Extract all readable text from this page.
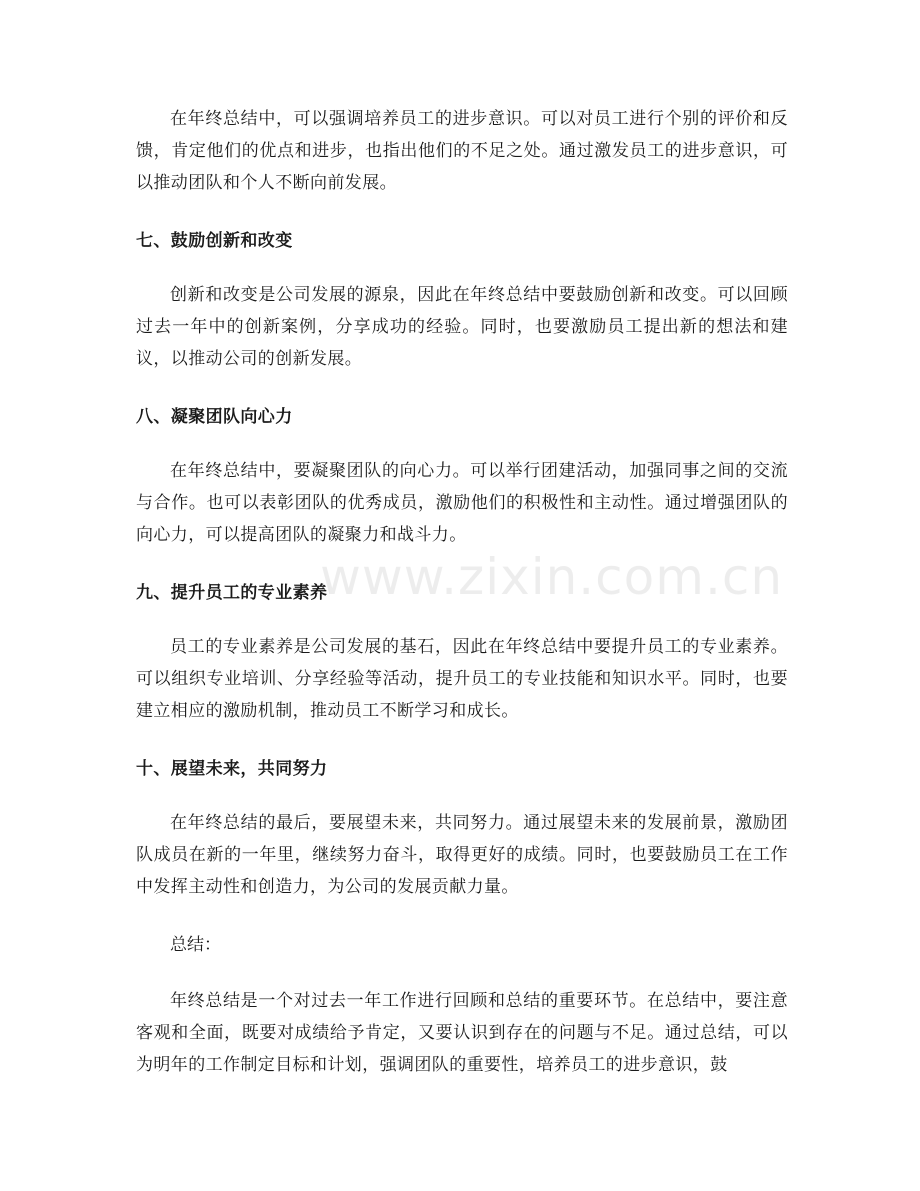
www.zixin.com.cn

在年终总结中，可以强调培养员工的进步意识。可以对员工进行个别的评价和反馈，肯定他们的优点和进步，也指出他们的不足之处。通过激发员工的进步意识，可以推动团队和个人不断向前发展。

七、鼓励创新和改变

创新和改变是公司发展的源泉，因此在年终总结中要鼓励创新和改变。可以回顾过去一年中的创新案例，分享成功的经验。同时，也要激励员工提出新的想法和建议，以推动公司的创新发展。

八、凝聚团队向心力

在年终总结中，要凝聚团队的向心力。可以举行团建活动，加强同事之间的交流与合作。也可以表彰团队的优秀成员，激励他们的积极性和主动性。通过增强团队的向心力，可以提高团队的凝聚力和战斗力。

九、提升员工的专业素养

员工的专业素养是公司发展的基石，因此在年终总结中要提升员工的专业素养。可以组织专业培训、分享经验等活动，提升员工的专业技能和知识水平。同时，也要建立相应的激励机制，推动员工不断学习和成长。

十、展望未来，共同努力

在年终总结的最后，要展望未来，共同努力。通过展望未来的发展前景，激励团队成员在新的一年里，继续努力奋斗，取得更好的成绩。同时，也要鼓励员工在工作中发挥主动性和创造力，为公司的发展贡献力量。

总结：

年终总结是一个对过去一年工作进行回顾和总结的重要环节。在总结中，要注意客观和全面，既要对成绩给予肯定，又要认识到存在的问题与不足。通过总结，可以为明年的工作制定目标和计划，强调团队的重要性，培养员工的进步意识，鼓
